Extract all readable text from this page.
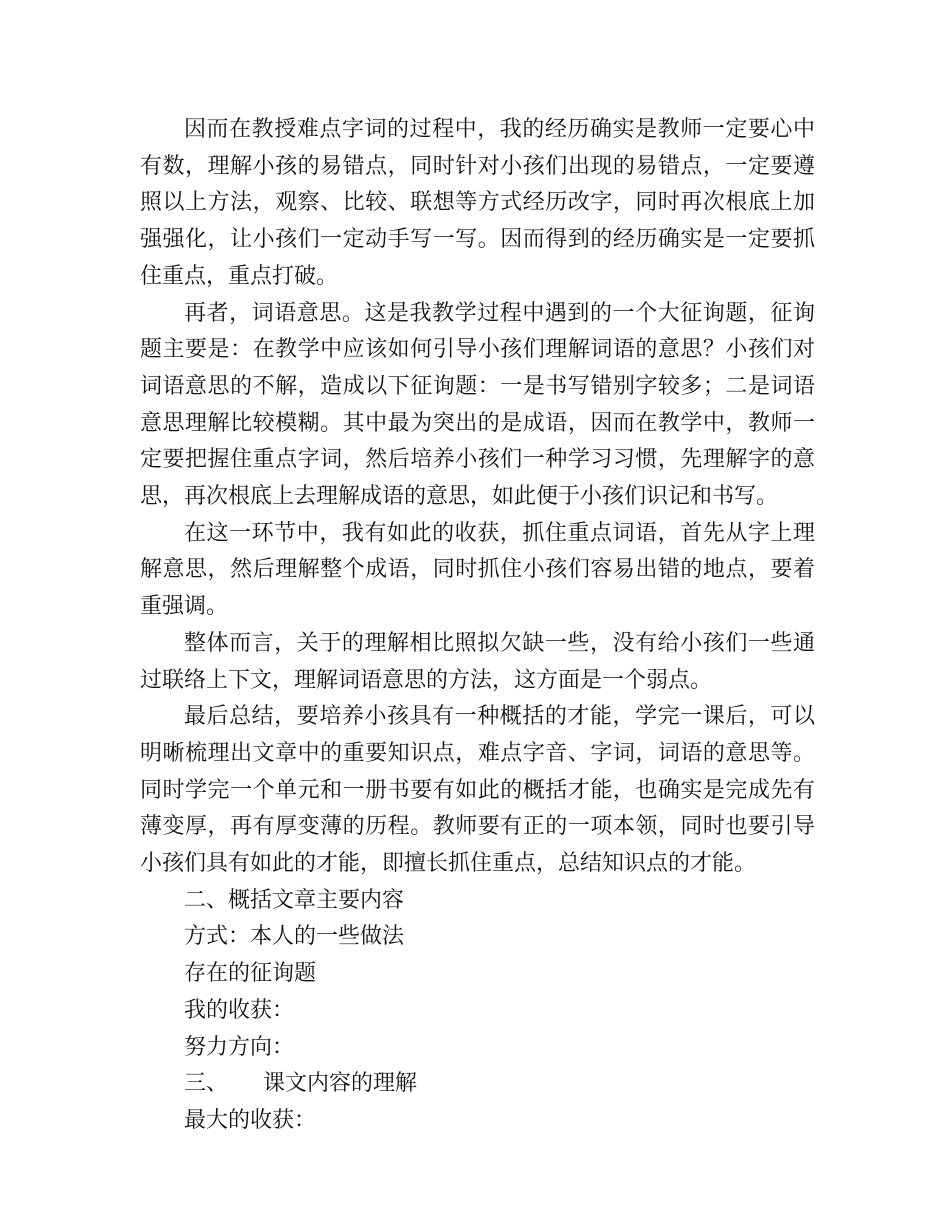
因而在教授难点字词的过程中，我的经历确实是教师一定要心中有数，理解小孩的易错点，同时针对小孩们出现的易错点，一定要遵照以上方法，观察、比较、联想等方式经历改字，同时再次根底上加强强化，让小孩们一定动手写一写。因而得到的经历确实是一定要抓住重点，重点打破。

再者，词语意思。这是我教学过程中遇到的一个大征询题，征询题主要是：在教学中应该如何引导小孩们理解词语的意思？小孩们对词语意思的不解，造成以下征询题：一是书写错别字较多；二是词语意思理解比较模糊。其中最为突出的是成语，因而在教学中，教师一定要把握住重点字词，然后培养小孩们一种学习习惯，先理解字的意思，再次根底上去理解成语的意思，如此便于小孩们识记和书写。

在这一环节中，我有如此的收获，抓住重点词语，首先从字上理解意思，然后理解整个成语，同时抓住小孩们容易出错的地点，要着重强调。

整体而言，关于的理解相比照拟欠缺一些，没有给小孩们一些通过联络上下文，理解词语意思的方法，这方面是一个弱点。

最后总结，要培养小孩具有一种概括的才能，学完一课后，可以明晰梳理出文章中的重要知识点，难点字音、字词，词语的意思等。同时学完一个单元和一册书要有如此的概括才能，也确实是完成先有薄变厚，再有厚变薄的历程。教师要有正的一项本领，同时也要引导小孩们具有如此的才能，即擅长抓住重点，总结知识点的才能。

二、概括文章主要内容

方式：本人的一些做法

存在的征询题

我的收获：

努力方向：

三、     课文内容的理解

最大的收获：
